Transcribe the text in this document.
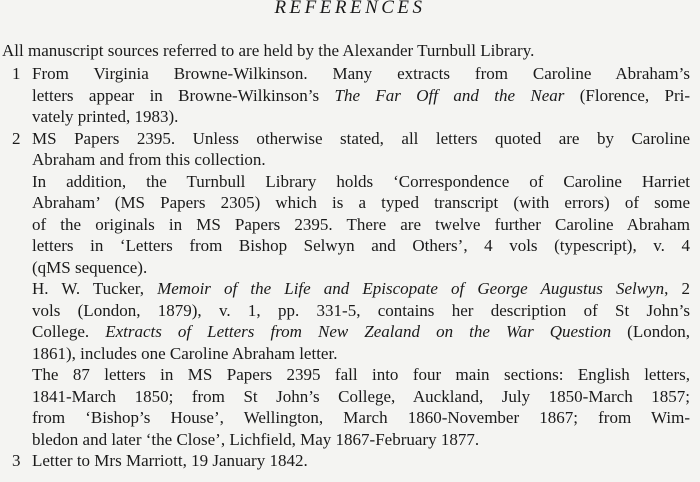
REFERENCES
All manuscript sources referred to are held by the Alexander Turnbull Library.
1 From Virginia Browne-Wilkinson. Many extracts from Caroline Abraham’s
letters appear in Browne-Wilkinson’s The Far Off and the Near (Florence, Pri-
vately printed, 1983).

2 MS Papers 2395. Unless otherwise stated, all letters quoted are by Caroline
Abraham and from this collection.

In addition, the Turnbull Library holds ‘Correspondence of Caroline Harriet
Abraham’ (MS Papers 2305) which is a typed transcript (with errors) of some
of the originals in MS Papers 2395. There are twelve further Caroline Abraham
letters in ‘Letters from Bishop Selwyn and Others’, 4 vols (typescript), v. 4
(qMS sequence).

H. W. Tucker, Memoir of the Life and Episcopate of George Augustus Selwyn, 2
vols (London, 1879), v. 1, pp. 331-5, contains her description of St John’s
College. Extracts of Letters from New Zealand on the War Question (London,
1861), includes one Caroline Abraham letter.

The 87 letters in MS Papers 2395 fall into four main sections: English letters,
1841-March 1850; from St John’s College, Auckland, July 1850-March 1857;
from ‘Bishop’s House’, Wellington, March 1860-November 1867; from Wim-
bledon and later ‘the Close’, Lichfield, May 1867-February 1877.

3 Letter to Mrs Marriott, 19 January 1842.
